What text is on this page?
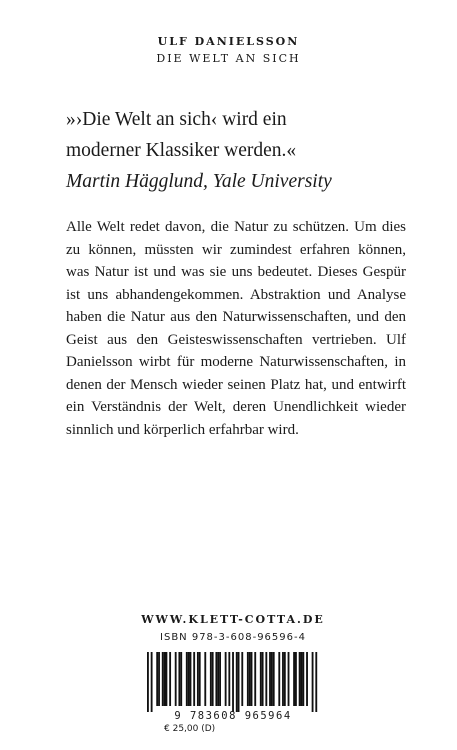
ULF DANIELSSON
DIE WELT AN SICH
»›Die Welt an sich‹ wird ein
moderner Klassiker werden.«
Martin Hägglund, Yale University

Alle Welt redet davon, die Natur zu schützen. Um dies zu können, müssten wir zumindest erfahren können, was Natur ist und was sie uns bedeutet. Dieses Gespür ist uns abhandengekommen. Abstraktion und Analyse haben die Natur aus den Naturwissenschaften, und den Geist aus den Geisteswissenschaften vertrieben. Ulf Danielsson wirbt für moderne Naturwissenschaften, in denen der Mensch wieder seinen Platz hat, und entwirft ein Verständnis der Welt, deren Unendlichkeit wieder sinnlich und körperlich erfahrbar wird.

WWW.KLETT-COTTA.DE
ISBN 978-3-608-96596-4
9 783608 965964
€ 25,00 (D)
